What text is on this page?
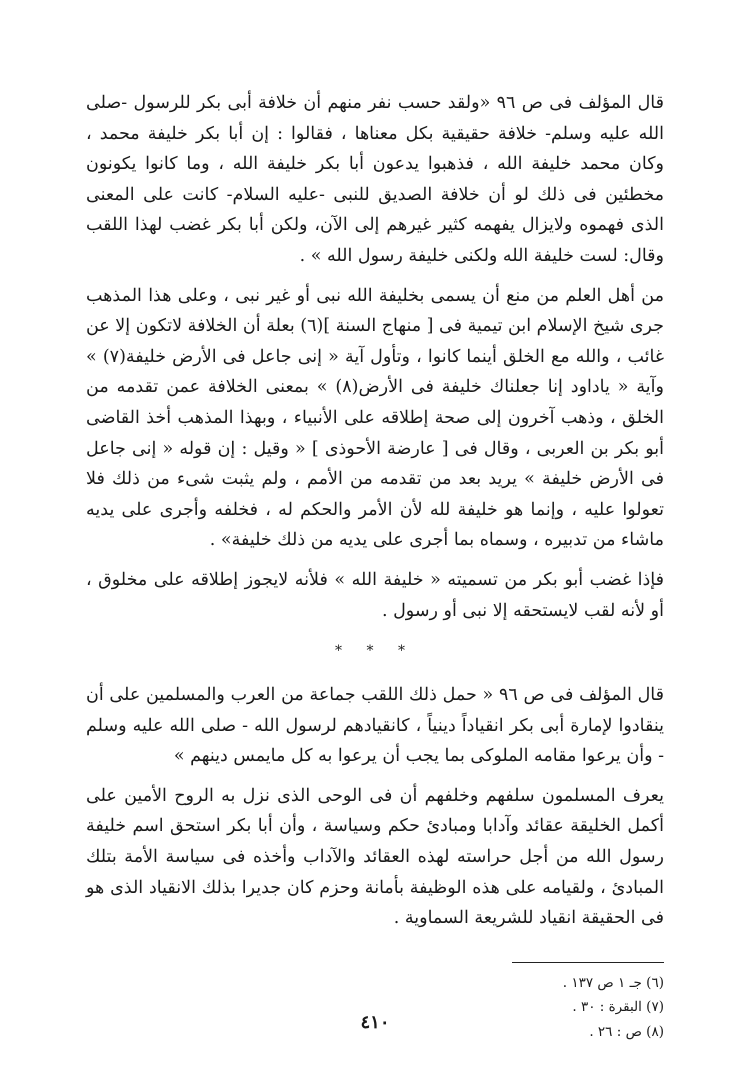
قال المؤلف فى ص ٩٦ «ولقد حسب نفر منهم أن خلافة أبى بكر للرسول -صلى الله عليه وسلم- خلافة حقيقية بكل معناها ، فقالوا : إن أبا بكر خليفة محمد ، وكان محمد خليفة الله ، فذهبوا يدعون أبا بكر خليفة الله ، وما كانوا يكونون مخطئين فى ذلك لو أن خلافة الصديق للنبى -عليه السلام- كانت على المعنى الذى فهموه ولايزال يفهمه كثير غيرهم إلى الآن، ولكن أبا بكر غضب لهذا اللقب وقال: لست خليفة الله ولكنى خليفة رسول الله » .

من أهل العلم من منع أن يسمى بخليفة الله نبى أو غير نبى ، وعلى هذا المذهب جرى شيخ الإسلام ابن تيمية فى [ منهاج السنة ](٦) بعلة أن الخلافة لاتكون إلا عن غائب ، والله مع الخلق أينما كانوا ، وتأول آية « إنى جاعل فى الأرض خليفة(٧) » وآية « ياداود إنا جعلناك خليفة فى الأرض(٨) » بمعنى الخلافة عمن تقدمه من الخلق ، وذهب آخرون إلى صحة إطلاقه على الأنبياء ، وبهذا المذهب أخذ القاضى أبو بكر بن العربى ، وقال فى [ عارضة الأحوذى ] « وقيل : إن قوله « إنى جاعل فى الأرض خليفة » يريد بعد من تقدمه من الأمم ، ولم يثبت شىء من ذلك فلا تعولوا عليه ، وإنما هو خليفة لله لأن الأمر والحكم له ، فخلفه وأجرى على يديه ماشاء من تدبيره ، وسماه بما أجرى على يديه من ذلك خليفة» .

فإذا غضب أبو بكر من تسميته « خليفة الله » فلأنه لايجوز إطلاقه على مخلوق ، أو لأنه لقب لايستحقه إلا نبى أو رسول .

* * *

قال المؤلف فى ص ٩٦ « حمل ذلك اللقب جماعة من العرب والمسلمين على أن ينقادوا لإمارة أبى بكر انقياداً دينياً ، كانقيادهم لرسول الله - صلى الله عليه وسلم - وأن يرعوا مقامه الملوكى بما يجب أن يرعوا به كل مايمس دينهم »

يعرف المسلمون سلفهم وخلفهم أن فى الوحى الذى نزل به الروح الأمين على أكمل الخليقة عقائد وآدابا ومبادئ حكم وسياسة ، وأن أبا بكر استحق اسم خليفة رسول الله من أجل حراسته لهذه العقائد والآداب وأخذه فى سياسة الأمة بتلك المبادئ ، ولقيامه على هذه الوظيفة بأمانة وحزم كان جديرا بذلك الانقياد الذى هو فى الحقيقة انقياد للشريعة السماوية .

(٦) جـ ١ ص ١٣٧ .
(٧) البقرة : ٣٠ .
(٨) ص : ٢٦ .
٤١٠
